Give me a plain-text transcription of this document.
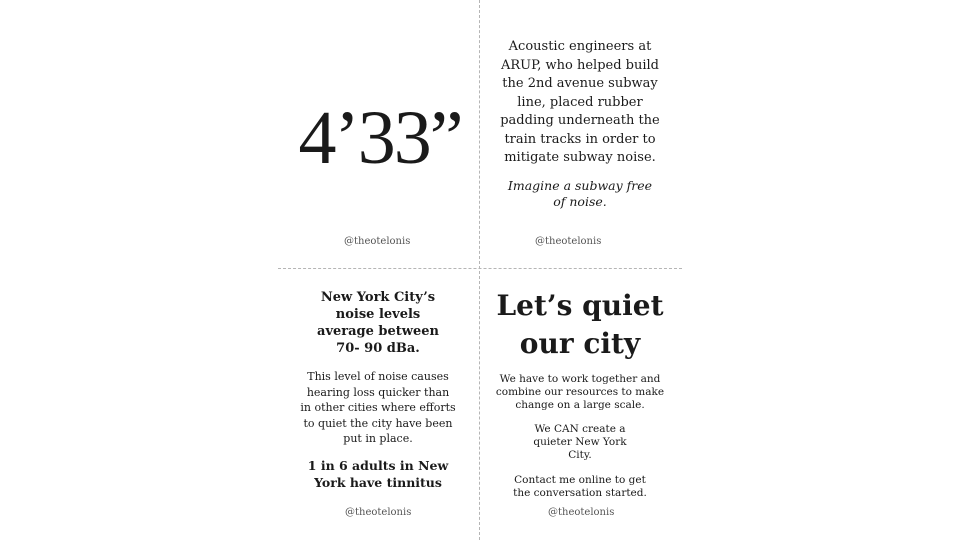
4’33”
@theotelonis

Acoustic engineers at ARUP, who helped build the 2nd avenue subway line, placed rubber padding underneath the train tracks in order to mitigate subway noise.

Imagine a subway free of noise.

@theotelonis

New York City’s noise levels average between 70- 90 dBa.

This level of noise causes hearing loss quicker than in other cities where efforts to quiet the city have been put in place.

1 in 6 adults in New York have tinnitus

@theotelonis

Let’s quiet our city

We have to work together and combine our resources to make change on a large scale.

We CAN create a quieter New York City.

Contact me online to get the conversation started.

@theotelonis
